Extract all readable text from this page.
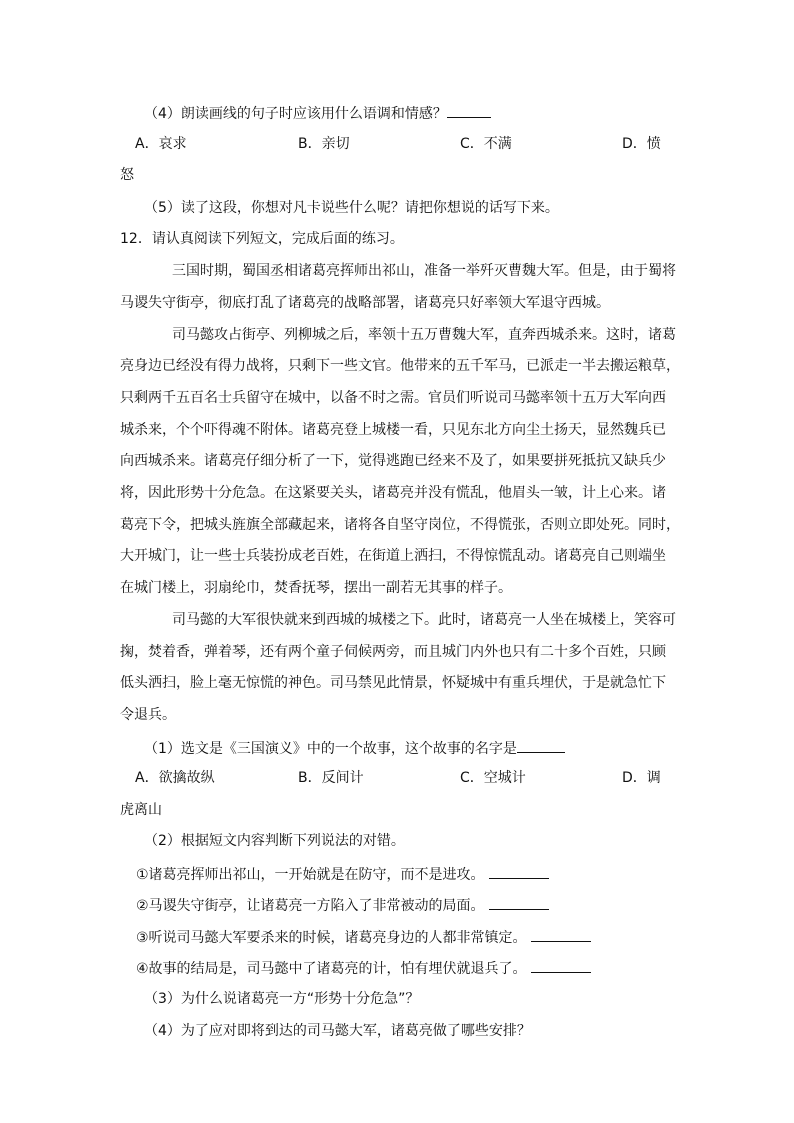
（4）朗读画线的句子时应该用什么语调和情感？
A．哀求	B．亲切	C．不满	D．愤
怒
（5）读了这段，你想对凡卡说些什么呢？请把你想说的话写下来。
12．请认真阅读下列短文，完成后面的练习。
三国时期，蜀国丞相诸葛亮挥师出祁山，准备一举歼灭曹魏大军。但是，由于蜀将
马谡失守街亭，彻底打乱了诸葛亮的战略部署，诸葛亮只好率领大军退守西城。
司马懿攻占街亭、列柳城之后，率领十五万曹魏大军，直奔西城杀来。这时，诸葛
亮身边已经没有得力战将，只剩下一些文官。他带来的五千军马，已派走一半去搬运粮草，
只剩两千五百名士兵留守在城中，以备不时之需。官员们听说司马懿率领十五万大军向西
城杀来，个个吓得魂不附体。诸葛亮登上城楼一看，只见东北方向尘土扬天，显然魏兵已
向西城杀来。诸葛亮仔细分析了一下，觉得逃跑已经来不及了，如果要拼死抵抗又缺兵少
将，因此形势十分危急。在这紧要关头，诸葛亮并没有慌乱，他眉头一皱，计上心来。诸
葛亮下令，把城头旌旗全部藏起来，诸将各自坚守岗位，不得慌张，否则立即处死。同时，
大开城门，让一些士兵装扮成老百姓，在街道上洒扫，不得惊慌乱动。诸葛亮自己则端坐
在城门楼上，羽扇纶巾，焚香抚琴，摆出一副若无其事的样子。
司马懿的大军很快就来到西城的城楼之下。此时，诸葛亮一人坐在城楼上，笑容可
掬，焚着香，弹着琴，还有两个童子伺候两旁，而且城门内外也只有二十多个百姓，只顾
低头洒扫，脸上毫无惊慌的神色。司马禁见此情景，怀疑城中有重兵埋伏，于是就急忙下
令退兵。
（1）选文是《三国演义》中的一个故事，这个故事的名字是
A．欲擒故纵	B．反间计	C．空城计	D．调
虎离山
（2）根据短文内容判断下列说法的对错。
①诸葛亮挥师出祁山，一开始就是在防守，而不是进攻。
②马谡失守街亭，让诸葛亮一方陷入了非常被动的局面。
③听说司马懿大军要杀来的时候，诸葛亮身边的人都非常镇定。
④故事的结局是，司马懿中了诸葛亮的计，怕有埋伏就退兵了。
（3）为什么说诸葛亮一方“形势十分危急”？
（4）为了应对即将到达的司马懿大军，诸葛亮做了哪些安排？
